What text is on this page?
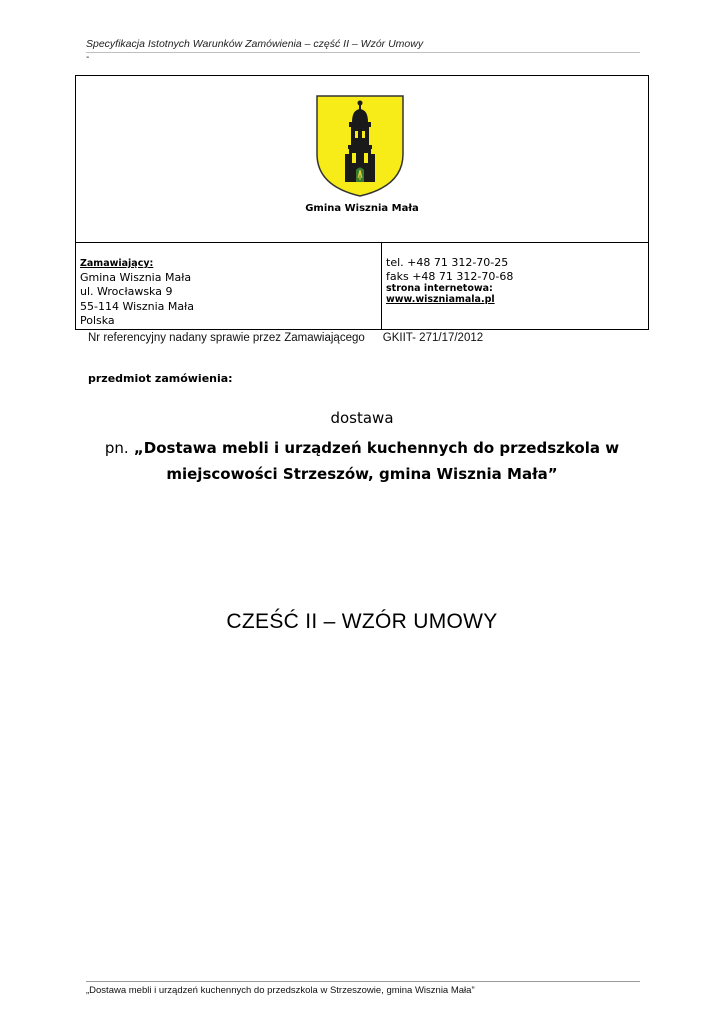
Specyfikacja Istotnych Warunków Zamówienia – część II – Wzór Umowy
-
Gmina Wisznia Mała
Zamawiający:
Gmina Wisznia Mała
ul. Wrocławska 9
55-114 Wisznia Mała
Polska
tel. +48 71 312-70-25
faks +48 71 312-70-68
strona internetowa:
www.wiszniamala.pl
Nr referencyjny nadany sprawie przez Zamawiającego GKIIT- 271/17/2012
przedmiot zamówienia:
dostawa
pn. „Dostawa mebli i urządzeń kuchennych do przedszkola w miejscowości Strzeszów, gmina Wisznia Mała”
CZEŚĆ II – WZÓR UMOWY
„Dostawa mebli i urządzeń kuchennych do przedszkola w Strzeszowie, gmina Wisznia Mała”
